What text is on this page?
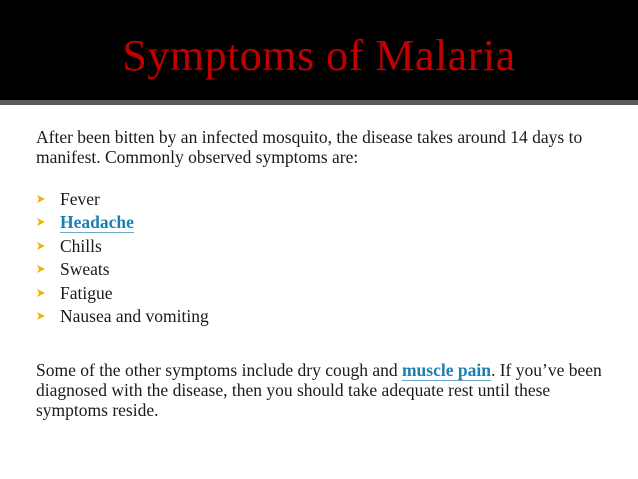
Symptoms of Malaria

After been bitten by an infected mosquito, the disease takes around 14 days to manifest. Commonly observed symptoms are:

Fever
Headache
Chills
Sweats
Fatigue
Nausea and vomiting

Some of the other symptoms include dry cough and muscle pain. If you’ve been diagnosed with the disease, then you should take adequate rest until these symptoms reside.
